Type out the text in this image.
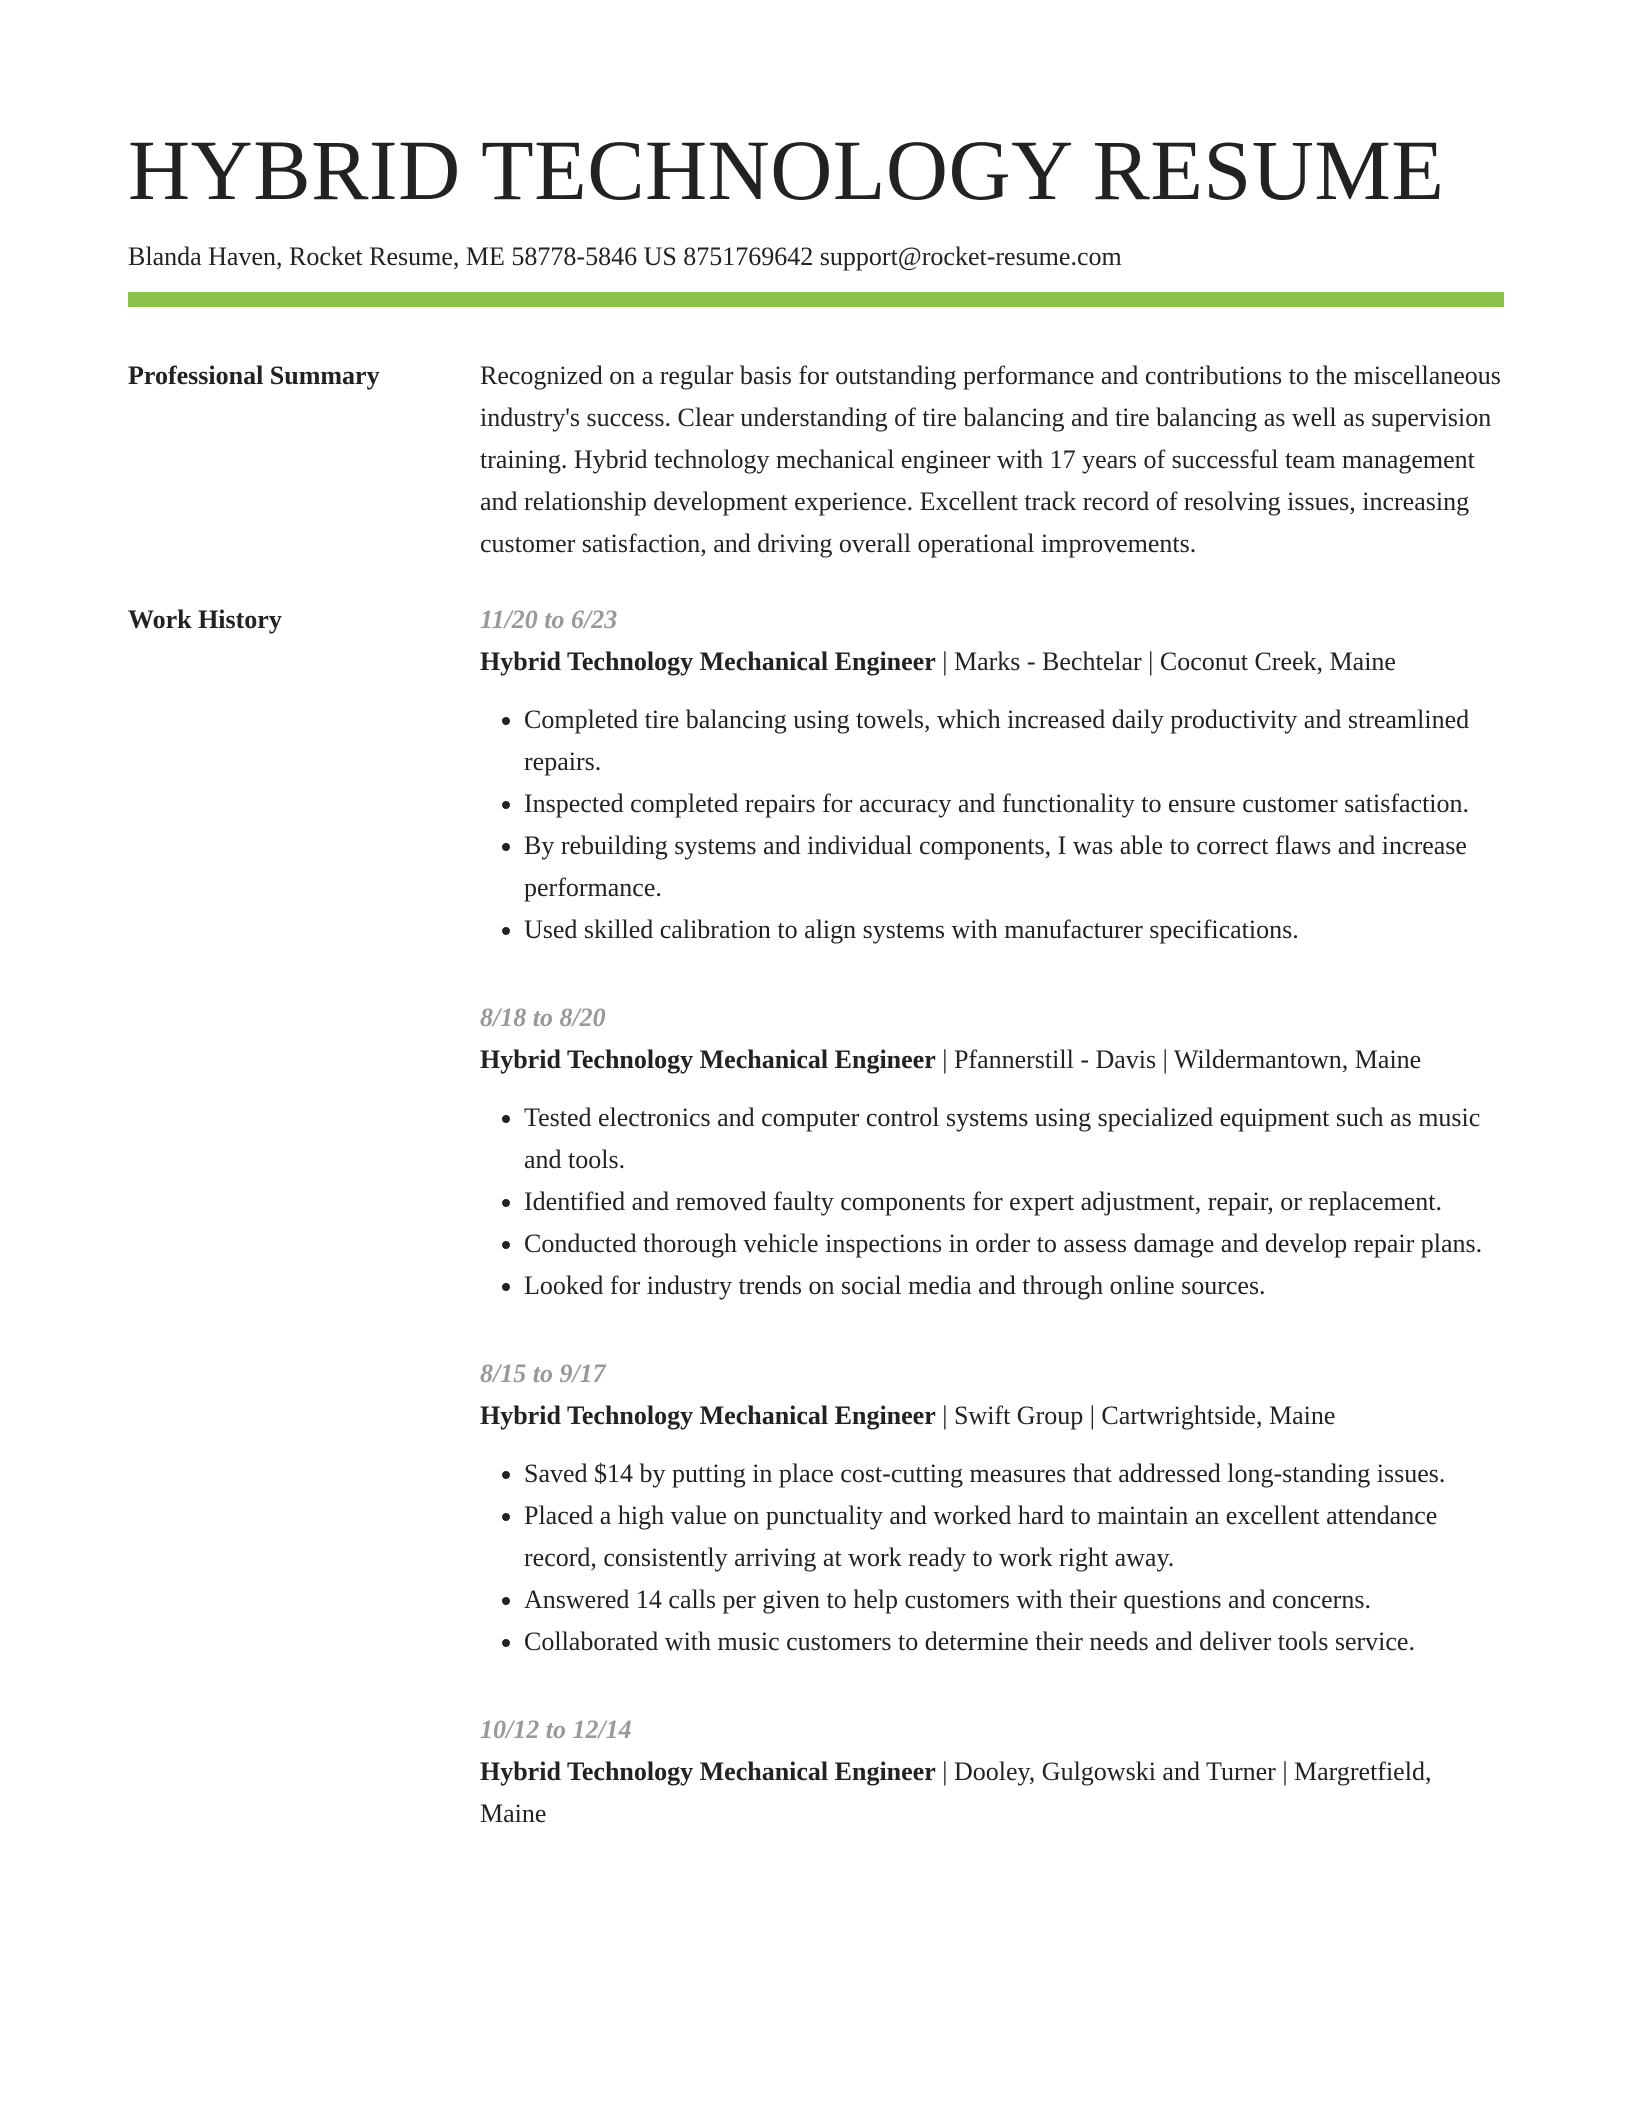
HYBRID TECHNOLOGY RESUME
Blanda Haven, Rocket Resume, ME 58778-5846 US 8751769642 support@rocket-resume.com
Professional Summary	Recognized on a regular basis for outstanding performance and contributions to the miscellaneous industry's success. Clear understanding of tire balancing and tire balancing as well as supervision training. Hybrid technology mechanical engineer with 17 years of successful team management and relationship development experience. Excellent track record of resolving issues, increasing customer satisfaction, and driving overall operational improvements.

Work History	11/20 to 6/23
Hybrid Technology Mechanical Engineer | Marks - Bechtelar | Coconut Creek, Maine
• Completed tire balancing using towels, which increased daily productivity and streamlined repairs.
• Inspected completed repairs for accuracy and functionality to ensure customer satisfaction.
• By rebuilding systems and individual components, I was able to correct flaws and increase performance.
• Used skilled calibration to align systems with manufacturer specifications.
8/18 to 8/20
Hybrid Technology Mechanical Engineer | Pfannerstill - Davis | Wildermantown, Maine
• Tested electronics and computer control systems using specialized equipment such as music and tools.
• Identified and removed faulty components for expert adjustment, repair, or replacement.
• Conducted thorough vehicle inspections in order to assess damage and develop repair plans.
• Looked for industry trends on social media and through online sources.
8/15 to 9/17
Hybrid Technology Mechanical Engineer | Swift Group | Cartwrightside, Maine
• Saved $14 by putting in place cost-cutting measures that addressed long-standing issues.
• Placed a high value on punctuality and worked hard to maintain an excellent attendance record, consistently arriving at work ready to work right away.
• Answered 14 calls per given to help customers with their questions and concerns.
• Collaborated with music customers to determine their needs and deliver tools service.
10/12 to 12/14
Hybrid Technology Mechanical Engineer | Dooley, Gulgowski and Turner | Margretfield, Maine
